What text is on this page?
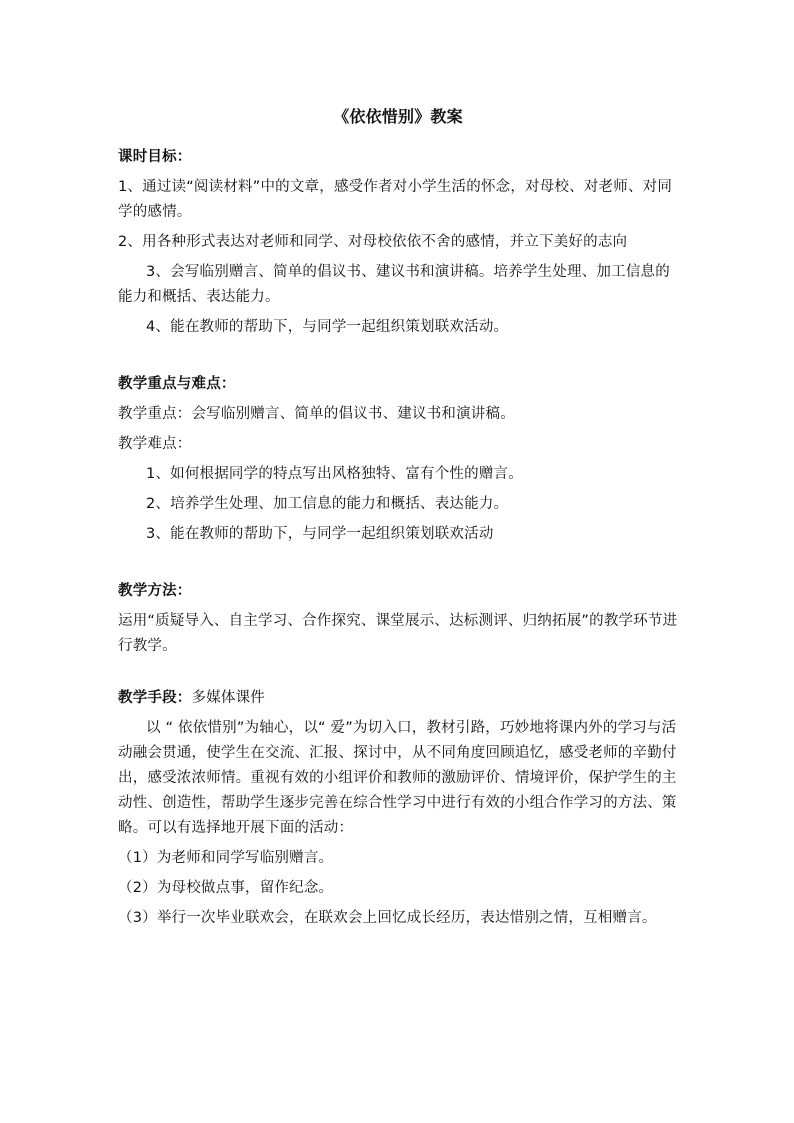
《依依惜别》教案
课时目标：

1、通过读“阅读材料”中的文章，感受作者对小学生活的怀念，对母校、对老师、对同学的感情。

2、用各种形式表达对老师和同学、对母校依依不舍的感情，并立下美好的志向

3、会写临别赠言、简单的倡议书、建议书和演讲稿。培养学生处理、加工信息的能力和概括、表达能力。

4、能在教师的帮助下，与同学一起组织策划联欢活动。

教学重点与难点：

教学重点：会写临别赠言、简单的倡议书、建议书和演讲稿。

教学难点：

1、如何根据同学的特点写出风格独特、富有个性的赠言。

2、培养学生处理、加工信息的能力和概括、表达能力。

3、能在教师的帮助下，与同学一起组织策划联欢活动

教学方法：

运用“质疑导入、自主学习、合作探究、课堂展示、达标测评、归纳拓展”的教学环节进行教学。

教学手段：多媒体课件

以 “ 依依惜别”为轴心，以“ 爱”为切入口，教材引路，巧妙地将课内外的学习与活动融会贯通，使学生在交流、汇报、探讨中，从不同角度回顾追忆，感受老师的辛勤付出，感受浓浓师情。重视有效的小组评价和教师的激励评价、情境评价，保护学生的主动性、创造性，帮助学生逐步完善在综合性学习中进行有效的小组合作学习的方法、策略。可以有选择地开展下面的活动：

（1）为老师和同学写临别赠言。

（2）为母校做点事，留作纪念。

（3）举行一次毕业联欢会，在联欢会上回忆成长经历，表达惜别之情，互相赠言。
